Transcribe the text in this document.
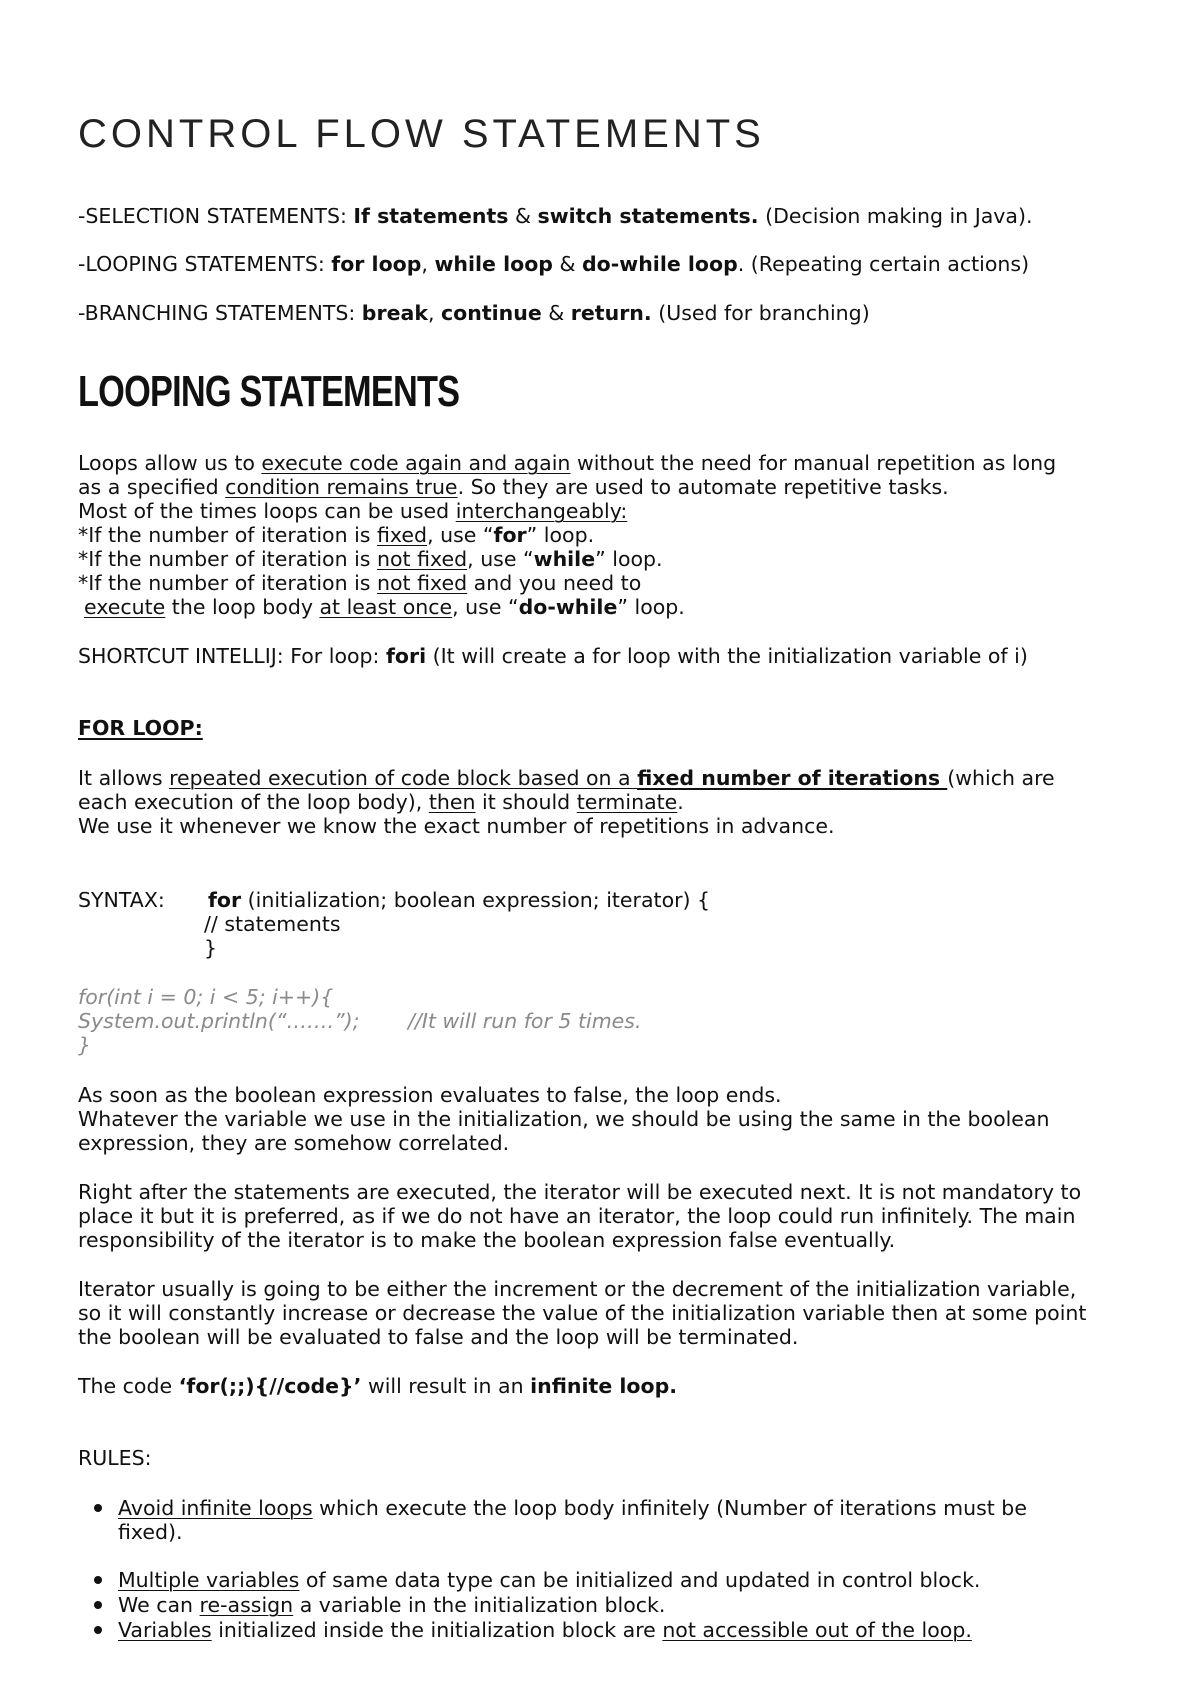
CONTROL FLOW STATEMENTS
-SELECTION STATEMENTS: If statements & switch statements. (Decision making in Java).
-LOOPING STATEMENTS: for loop, while loop & do-while loop. (Repeating certain actions)
-BRANCHING STATEMENTS: break, continue & return. (Used for branching)
LOOPING STATEMENTS
Loops allow us to execute code again and again without the need for manual repetition as long
as a specified condition remains true. So they are used to automate repetitive tasks.
Most of the times loops can be used interchangeably:
*If the number of iteration is fixed, use “for” loop.
*If the number of iteration is not fixed, use “while” loop.
*If the number of iteration is not fixed and you need to
execute the loop body at least once, use “do-while” loop.
SHORTCUT INTELLIJ: For loop: fori (It will create a for loop with the initialization variable of i)
FOR LOOP:
It allows repeated execution of code block based on a fixed number of iterations (which are
each execution of the loop body), then it should terminate.
We use it whenever we know the exact number of repetitions in advance.
SYNTAX: for (initialization; boolean expression; iterator) {
// statements
}
for(int i = 0; i < 5; i++){
System.out.println(“…….”); //It will run for 5 times.
}
As soon as the boolean expression evaluates to false, the loop ends.
Whatever the variable we use in the initialization, we should be using the same in the boolean
expression, they are somehow correlated.
Right after the statements are executed, the iterator will be executed next. It is not mandatory to
place it but it is preferred, as if we do not have an iterator, the loop could run infinitely. The main
responsibility of the iterator is to make the boolean expression false eventually.
Iterator usually is going to be either the increment or the decrement of the initialization variable,
so it will constantly increase or decrease the value of the initialization variable then at some point
the boolean will be evaluated to false and the loop will be terminated.
The code ‘for(;;){//code}’ will result in an infinite loop.
RULES:
Avoid infinite loops which execute the loop body infinitely (Number of iterations must be
fixed).
Multiple variables of same data type can be initialized and updated in control block.
We can re-assign a variable in the initialization block.
Variables initialized inside the initialization block are not accessible out of the loop.
